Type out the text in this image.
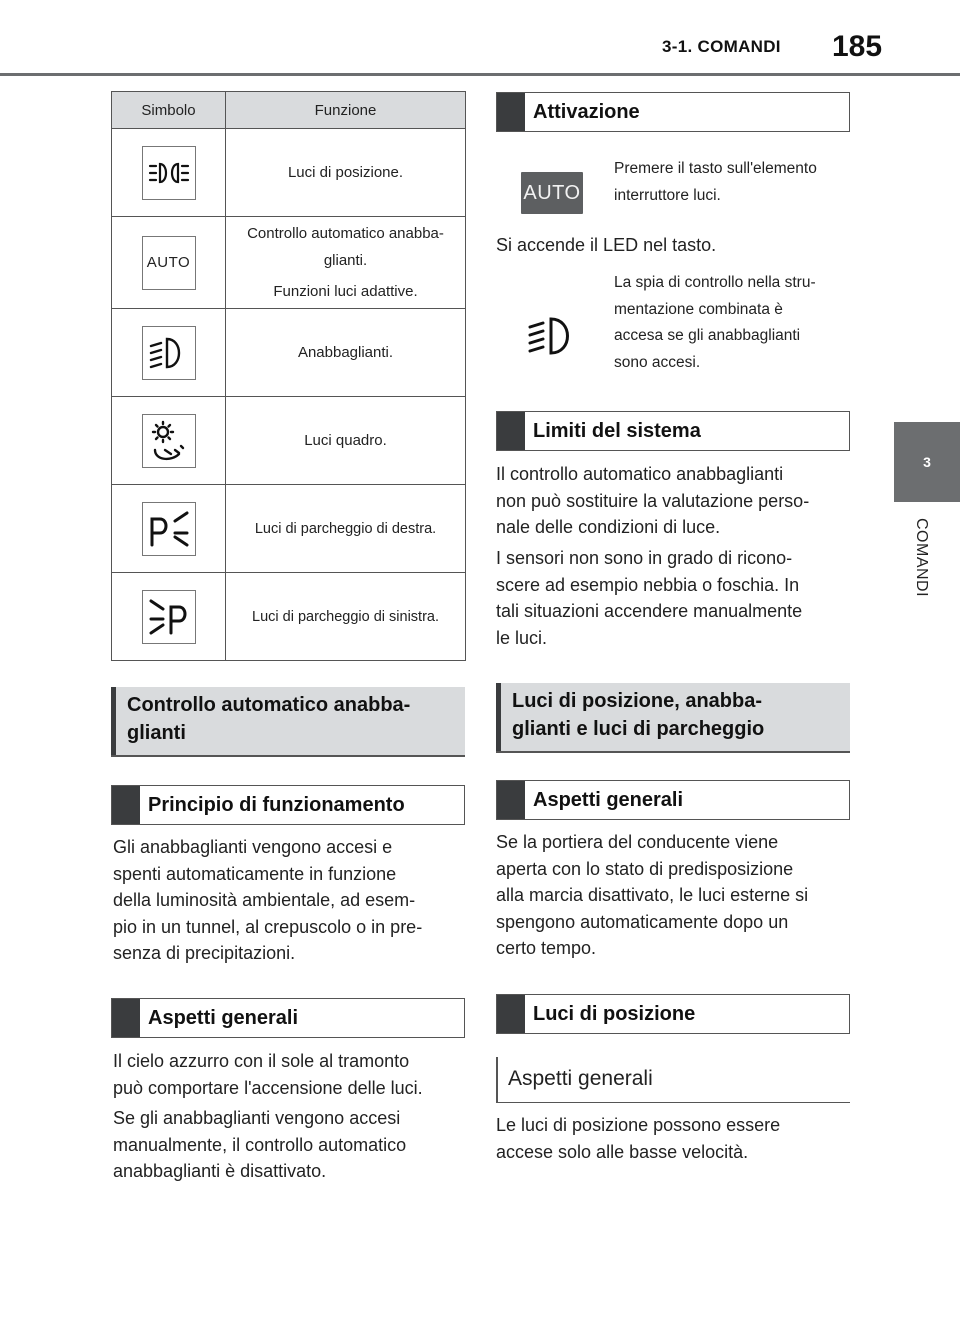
3-1. COMANDI 185
3
COMANDI
Simbolo	Funzione

	Luci di posizione.
AUTO	Controllo automatico anabba-glianti.
Funzioni luci adattive.

	Anabbaglianti.

	Luci quadro.

	Luci di parcheggio di destra.

	Luci di parcheggio di sinistra.
Controllo automatico anabba-
glianti
Principio di funzionamento
Gli anabbaglianti vengono accesi e
spenti automaticamente in funzione
della luminosità ambientale, ad esem-
pio in un tunnel, al crepuscolo o in pre-
senza di precipitazioni.
Aspetti generali
Il cielo azzurro con il sole al tramonto
può comportare l'accensione delle luci.
Se gli anabbaglianti vengono accesi
manualmente, il controllo automatico
anabbaglianti è disattivato.
Attivazione
AUTO
Premere il tasto sull'elemento
interruttore luci.
Si accende il LED nel tasto.
La spia di controllo nella stru-
mentazione combinata è
accesa se gli anabbaglianti
sono accesi.
Limiti del sistema
Il controllo automatico anabbaglianti
non può sostituire la valutazione perso-
nale delle condizioni di luce.
I sensori non sono in grado di ricono-
scere ad esempio nebbia o foschia. In
tali situazioni accendere manualmente
le luci.
Luci di posizione, anabba-
glianti e luci di parcheggio
Aspetti generali
Se la portiera del conducente viene
aperta con lo stato di predisposizione
alla marcia disattivato, le luci esterne si
spengono automaticamente dopo un
certo tempo.
Luci di posizione
Aspetti generali
Le luci di posizione possono essere
accese solo alle basse velocità.
